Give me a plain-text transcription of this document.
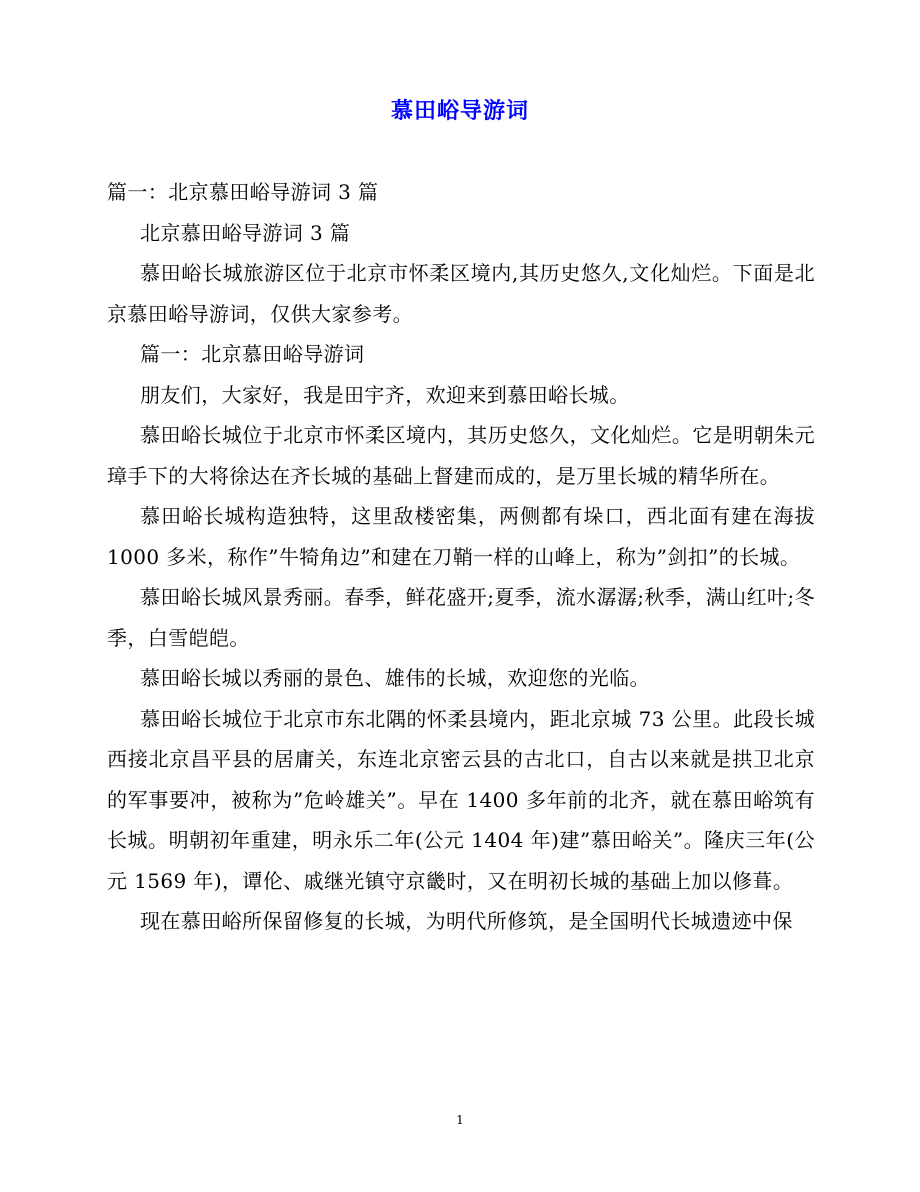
慕田峪导游词

篇一：北京慕田峪导游词 3 篇

北京慕田峪导游词 3 篇

慕田峪长城旅游区位于北京市怀柔区境内,其历史悠久,文化灿烂。下面是北京慕田峪导游词，仅供大家参考。

篇一：北京慕田峪导游词

朋友们，大家好，我是田宇齐，欢迎来到慕田峪长城。

慕田峪长城位于北京市怀柔区境内，其历史悠久，文化灿烂。它是明朝朱元璋手下的大将徐达在齐长城的基础上督建而成的，是万里长城的精华所在。

慕田峪长城构造独特，这里敌楼密集，两侧都有垛口，西北面有建在海拔 1000 多米，称作”牛犄角边”和建在刀鞘一样的山峰上，称为”剑扣”的长城。

慕田峪长城风景秀丽。春季，鲜花盛开;夏季，流水潺潺;秋季，满山红叶;冬季，白雪皑皑。

慕田峪长城以秀丽的景色、雄伟的长城，欢迎您的光临。

慕田峪长城位于北京市东北隅的怀柔县境内，距北京城 73 公里。此段长城西接北京昌平县的居庸关，东连北京密云县的古北口，自古以来就是拱卫北京的军事要冲，被称为”危岭雄关”。早在 1400 多年前的北齐，就在慕田峪筑有长城。明朝初年重建，明永乐二年(公元 1404 年)建”慕田峪关”。隆庆三年(公元 1569 年)，谭伦、戚继光镇守京畿时，又在明初长城的基础上加以修葺。

现在慕田峪所保留修复的长城，为明代所修筑，是全国明代长城遗迹中保

1
